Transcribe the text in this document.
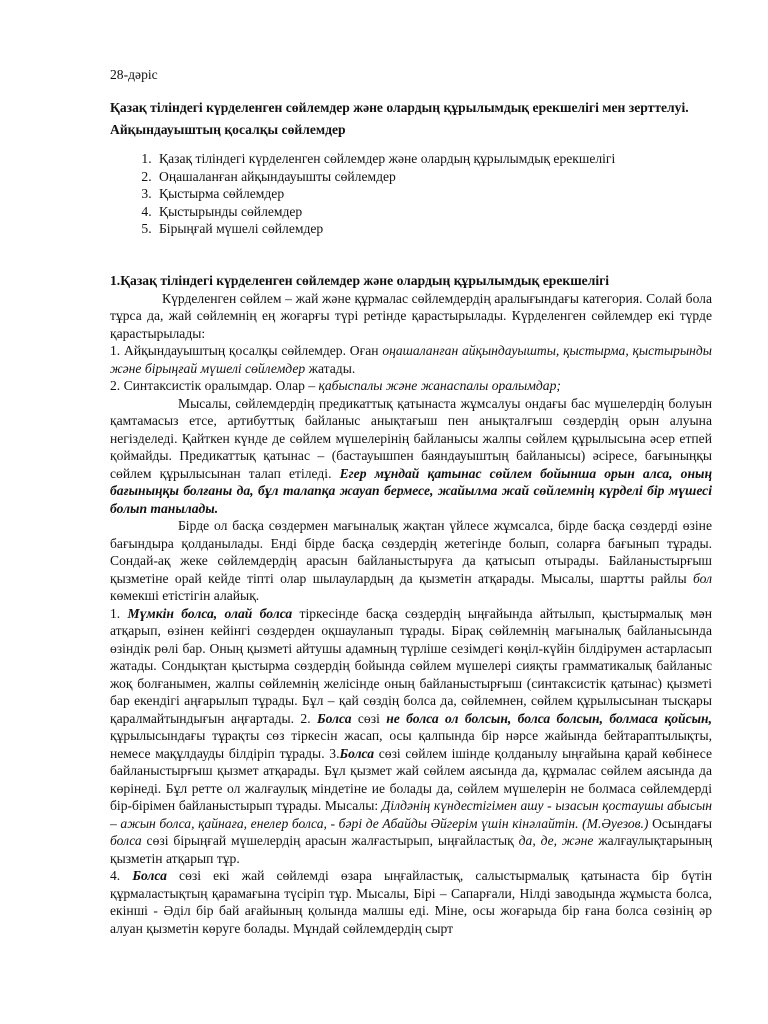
28-дәріс

Қазақ тіліндегі күрделенген сөйлемдер және олардың құрылымдық ерекшелігі мен зерттелуі. Айқындауыштың қосалқы сөйлемдер

1. Қазақ тіліндегі күрделенген сөйлемдер және олардың құрылымдық ерекшелігі
2. Оңашаланған айқындауышты сөйлемдер
3. Қыстырма сөйлемдер
4. Қыстырынды сөйлемдер
5. Бірыңғай мүшелі сөйлемдер

1.Қазақ тіліндегі күрделенген сөйлемдер және олардың құрылымдық ерекшелігі

Күрделенген сөйлем – жай және құрмалас сөйлемдердің аралығындағы категория. Солай бола тұрса да, жай сөйлемнің ең жоғарғы түрі ретінде қарастырылады. Күрделенген сөйлемдер екі түрде қарастырылады:

1. Айқындауыштың қосалқы сөйлемдер. Оған оңашаланған айқындауышты, қыстырма, қыстырынды және бірыңғай мүшелі сөйлемдер жатады.

2. Синтаксистік оралымдар. Олар – қабыспалы және жанаспалы оралымдар;

Мысалы, сөйлемдердің предикаттық қатынаста жұмсалуы ондағы бас мүшелердің болуын қамтамасыз етсе, артибуттық байланыс анықтағыш пен анықталғыш сөздердің орын алуына негізделеді. Қайткен күнде де сөйлем мүшелерінің байланысы жалпы сөйлем құрылысына әсер етпей қоймайды. Предикаттық қатынас – (бастауышпен баяндауыштың байланысы) әсіресе, бағыныңқы сөйлем құрылысынан талап етіледі. Егер мұндай қатынас сөйлем бойынша орын алса, оның бағыныңқы болғаны да, бұл талапқа жауап бермесе, жайылма жай сөйлемнің күрделі бір мүшесі болып танылады.

Бірде ол басқа сөздермен мағыналық жақтан үйлесе жұмсалса, бірде басқа сөздерді өзіне бағындыра қолданылады. Енді бірде басқа сөздердің жетегінде болып, соларға бағынып тұрады. Сондай-ақ жеке сөйлемдердің арасын байланыстыруға да қатысып отырады. Байланыстырғыш қызметіне орай кейде тіпті олар шылаулардың да қызметін атқарады. Мысалы, шартты райлы бол көмекші етістігін алайық.

1. Мүмкін болса, олай болса тіркесінде басқа сөздердің ыңғайында айтылып, қыстырмалық мән атқарып, өзінен кейінгі сөздерден оқшауланып тұрады. Бірақ сөйлемнің мағыналық байланысында өзіндік рөлі бар. Оның қызметі айтушы адамның түрліше сезімдегі көңіл-күйін білдірумен астарласып жатады. Сондықтан қыстырма сөздердің бойында сөйлем мүшелері сияқты грамматикалық байланыс жоқ болғанымен, жалпы сөйлемнің желісінде оның байланыстырғыш (синтаксистік қатынас) қызметі бар екендігі аңғарылып тұрады. Бұл – қай сөздің болса да, сөйлемнен, сөйлем құрылысынан тысқары қаралмайтындығын аңғартады. 2. Болса сөзі не болса ол болсын, болса болсын, болмаса қойсын, құрылысындағы тұрақты сөз тіркесін жасап, осы қалпында бір нәрсе жайында бейтараптылықты, немесе мақұлдауды білдіріп тұрады. 3.Болса сөзі сөйлем ішінде қолданылу ыңғайына қарай көбінесе байланыстырғыш қызмет атқарады. Бұл қызмет жай сөйлем аясында да, құрмалас сөйлем аясында да көрінеді. Бұл ретте ол жалғаулық міндетіне ие болады да, сөйлем мүшелерін не болмаса сөйлемдерді бір-бірімен байланыстырып тұрады. Мысалы: Ділдәнің күндестігімен ашу - ызасын қостаушы абысын – ажын болса, қайнаға, енелер болса, - бәрі де Абайды Әйгерім үшін кінәлайтін. (М.Әуезов.) Осындағы болса сөзі бірыңғай мүшелердің арасын жалғастырып, ыңғайластық да, де, және жалғаулықтарының қызметін атқарып тұр.

4. Болса сөзі екі жай сөйлемді өзара ыңғайластық, салыстырмалық қатынаста бір бүтін құрмаластықтың қарамағына түсіріп тұр. Мысалы, Бірі – Сапарғали, Нілді заводында жұмыста болса, екінші - Әділ бір бай ағайының қолында малшы еді. Міне, осы жоғарыда бір ғана болса сөзінің әр алуан қызметін көруге болады. Мұндай сөйлемдердің сырт
